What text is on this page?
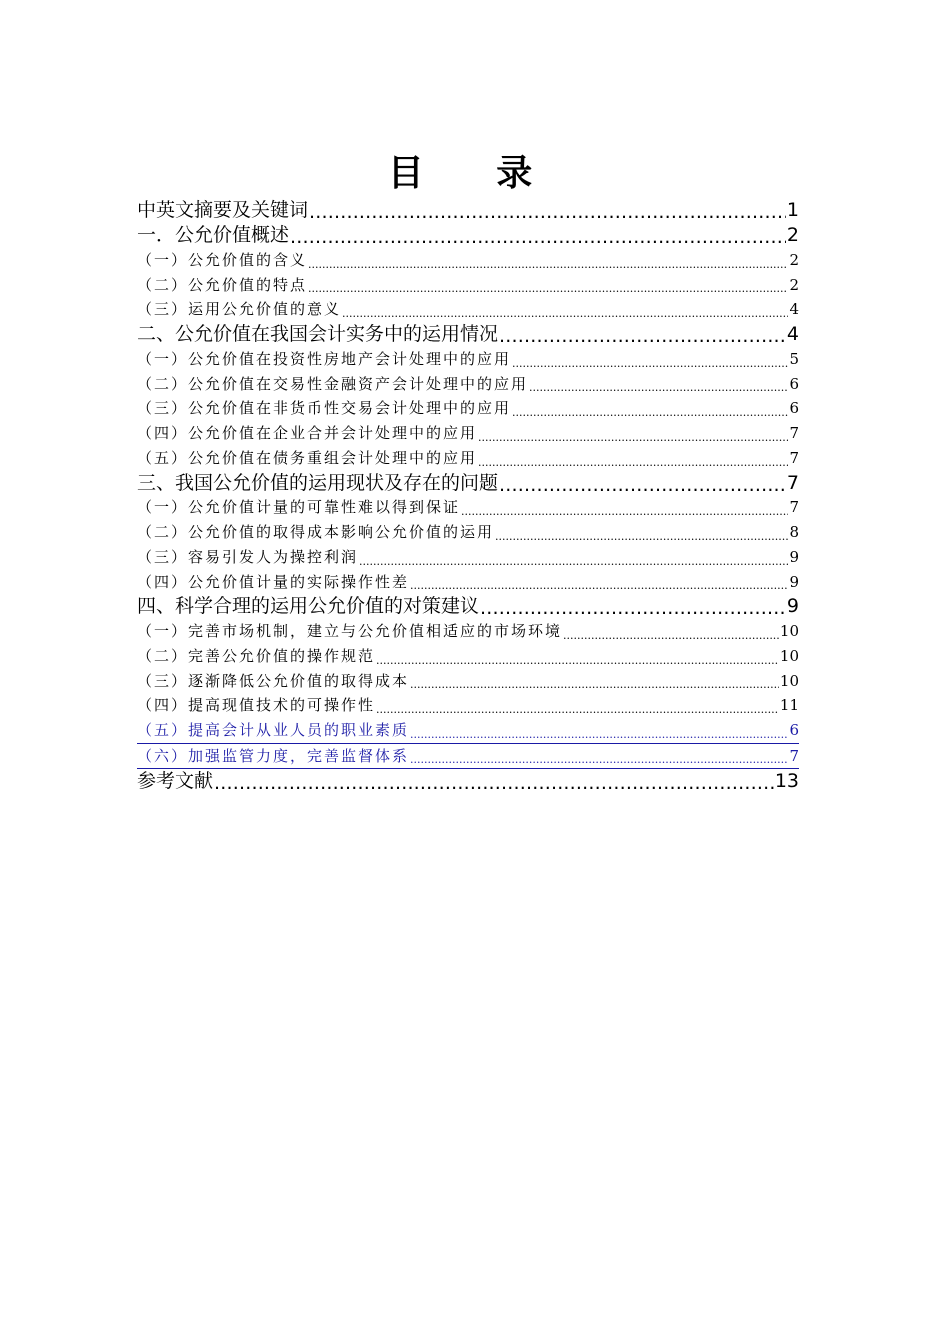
目 录
中英文摘要及关键词 .....	1
一．公允价值概述 .....	2
（一）公允价值的含义 .....	2
（二）公允价值的特点 .....	2
（三）运用公允价值的意义 .....	4
二、公允价值在我国会计实务中的运用情况 .....	4
（一）公允价值在投资性房地产会计处理中的应用 .....	5
（二）公允价值在交易性金融资产会计处理中的应用 .....	6
（三）公允价值在非货币性交易会计处理中的应用 .....	6
（四）公允价值在企业合并会计处理中的应用 .....	7
（五）公允价值在债务重组会计处理中的应用 .....	7
三、我国公允价值的运用现状及存在的问题 .....	7
（一）公允价值计量的可靠性难以得到保证 .....	7
（二）公允价值的取得成本影响公允价值的运用 .....	8
（三）容易引发人为操控利润 .....	9
（四）公允价值计量的实际操作性差 .....	9
四、科学合理的运用公允价值的对策建议 .....	9
（一）完善市场机制，建立与公允价值相适应的市场环境 .....	10
（二）完善公允价值的操作规范 .....	10
（三）逐渐降低公允价值的取得成本 .....	10
（四）提高现值技术的可操作性 .....	11
（五）提高会计从业人员的职业素质 .....	6
（六）加强监管力度，完善监督体系 .....	7
参考文献 .....	13
